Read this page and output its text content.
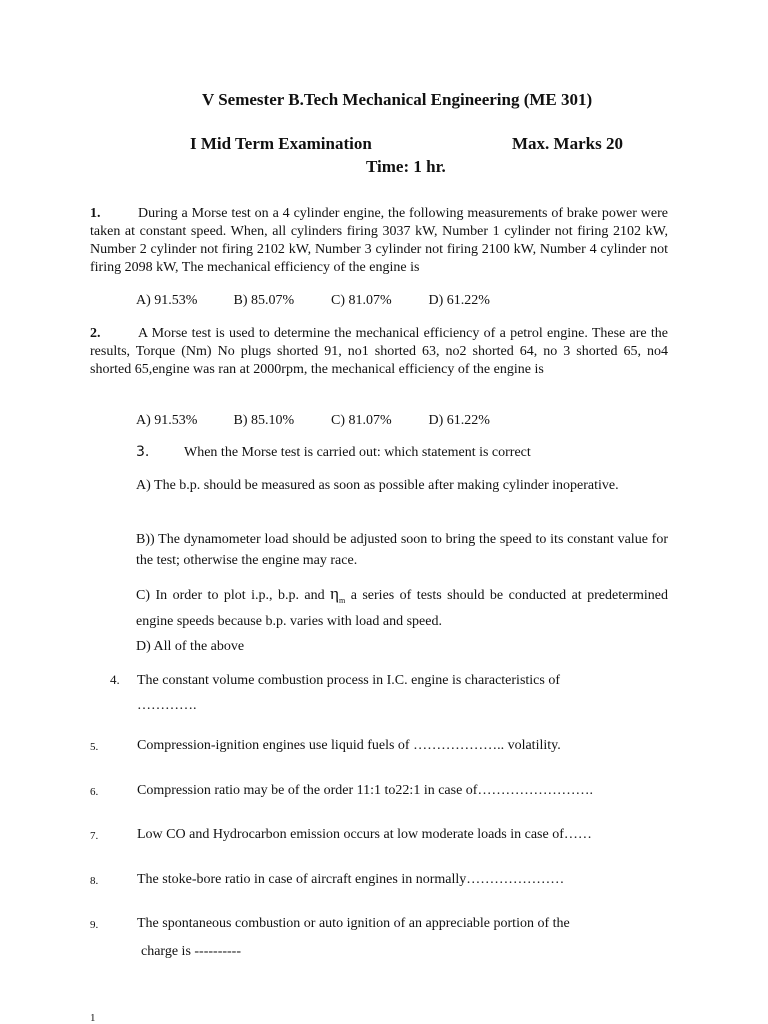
V Semester B.Tech Mechanical Engineering (ME 301)
I Mid Term Examination	Max. Marks 20
Time: 1 hr.
1.	During a Morse test on a 4 cylinder engine, the following measurements of brake power were taken at constant speed. When, all cylinders firing 3037 kW, Number 1 cylinder not firing 2102 kW, Number 2 cylinder not firing 2102 kW, Number 3 cylinder not firing 2100 kW, Number 4 cylinder not firing 2098 kW, The mechanical efficiency of the engine is
A) 91.53%	B) 85.07%	C) 81.07%	D) 61.22%
2.	A Morse test is used to determine the mechanical efficiency of a petrol engine. These are the results, Torque (Nm) No plugs shorted 91, no1 shorted 63, no2 shorted 64, no 3 shorted 65, no4 shorted 65,engine was ran at 2000rpm, the mechanical efficiency of the engine is
A) 91.53%	B) 85.10%	C) 81.07%	D) 61.22%
3. When the Morse test is carried out: which statement is correct
A) The b.p. should be measured as soon as possible after making cylinder inoperative.
B)) The dynamometer load should be adjusted soon to bring the speed to its constant value for the test; otherwise the engine may race.
C) In order to plot i.p., b.p. and $\eta_m$ a series of tests should be conducted at predetermined engine speeds because b.p. varies with load and speed.
D) All of the above
4. The constant volume combustion process in I.C. engine is characteristics of
………….
5.	Compression-ignition engines use liquid fuels of ……………….. volatility.
6.	Compression ratio may be of the order 11:1 to22:1 in case of…………………….
7.	Low CO and Hydrocarbon emission occurs at low moderate loads in case of……
8.	The stoke-bore ratio in case of aircraft engines in normally…………………
9.	The spontaneous combustion or auto ignition of an appreciable portion of the
charge is ----------
1
